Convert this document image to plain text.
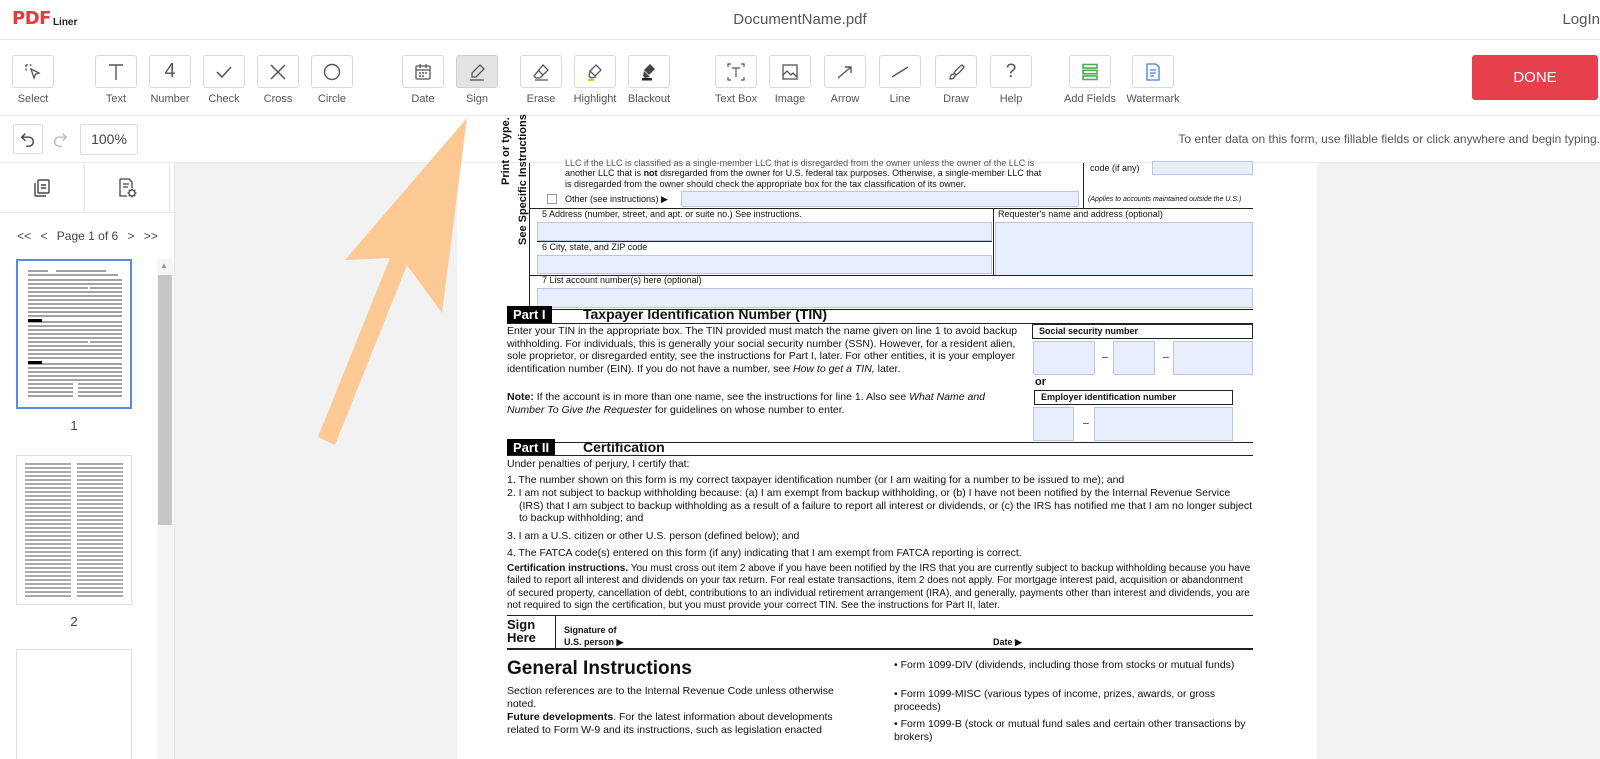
PDF Liner	DocumentName.pdf	LogIn
Select	Text
4
Number	Check	Cross	Circle	Date	Sign	Erase	Highlight	Blackout	Text Box	Image	Arrow	Line	Draw
?
Help	Add Fields Watermark
DONE
100%	To enter data on this form, use fillable fields or click anywhere and begin typing.
<< < Page 1 of 6 > >>
1
2
▲
Print or type. See Specific Instructions	LLC if the LLC is classified as a single-member LLC that is disregarded from the owner unless the owner of the LLC is
another LLC that is not disregarded from the owner for U.S. federal tax purposes. Otherwise, a single-member LLC that
is disregarded from the owner should check the appropriate box for the tax classification of its owner.
code (if any)
Other (see instructions) ▶	(Applies to accounts maintained outside the U.S.)
5 Address (number, street, and apt. or suite no.) See instructions.	Requester's name and address (optional)
6 City, state, and ZIP code
7 List account number(s) here (optional)
Part I	Taxpayer Identification Number (TIN)
Enter your TIN in the appropriate box. The TIN provided must match the name given on line 1 to avoid backup withholding. For individuals, this is generally your social security number (SSN). However, for a resident alien, sole proprietor, or disregarded entity, see the instructions for Part I, later. For other entities, it is your employer identification number (EIN). If you do not have a number, see How to get a TIN, later.
Note: If the account is in more than one name, see the instructions for line 1. Also see What Name and Number To Give the Requester for guidelines on whose number to enter.
Social security number
–	–
or
Employer identification number
–
Part II	Certification
Under penalties of perjury, I certify that:
1. The number shown on this form is my correct taxpayer identification number (or I am waiting for a number to be issued to me); and
2. I am not subject to backup withholding because: (a) I am exempt from backup withholding, or (b) I have not been notified by the Internal Revenue Service (IRS) that I am subject to backup withholding as a result of a failure to report all interest or dividends, or (c) the IRS has notified me that I am no longer subject to backup withholding; and
3. I am a U.S. citizen or other U.S. person (defined below); and
4. The FATCA code(s) entered on this form (if any) indicating that I am exempt from FATCA reporting is correct.
Certification instructions. You must cross out item 2 above if you have been notified by the IRS that you are currently subject to backup withholding because you have failed to report all interest and dividends on your tax return. For real estate transactions, item 2 does not apply. For mortgage interest paid, acquisition or abandonment of secured property, cancellation of debt, contributions to an individual retirement arrangement (IRA), and generally, payments other than interest and dividends, you are not required to sign the certification, but you must provide your correct TIN. See the instructions for Part II, later.
Sign
Here	Signature of
U.S. person ▶	Date ▶
General Instructions
Section references are to the Internal Revenue Code unless otherwise noted.
Future developments. For the latest information about developments related to Form W-9 and its instructions, such as legislation enacted
• Form 1099-DIV (dividends, including those from stocks or mutual funds)
• Form 1099-MISC (various types of income, prizes, awards, or gross proceeds)
• Form 1099-B (stock or mutual fund sales and certain other transactions by brokers)
